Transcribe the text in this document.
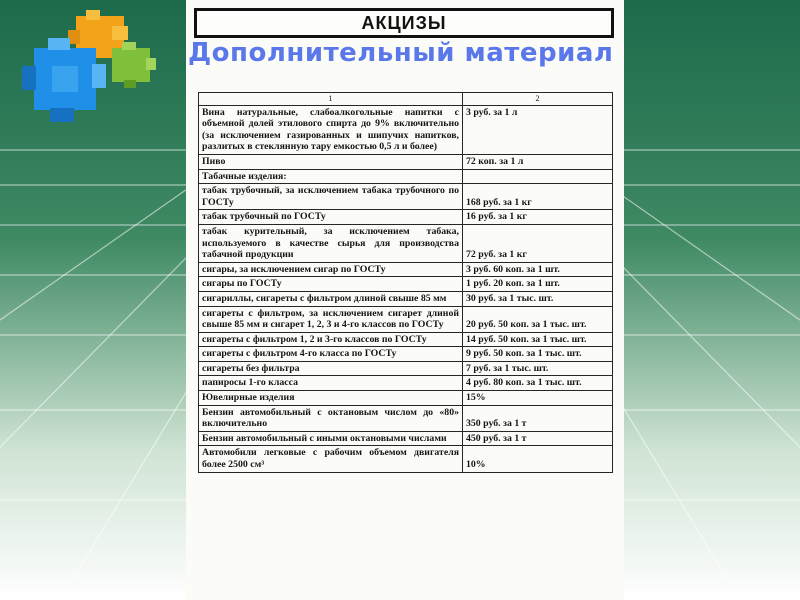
АКЦИЗЫ
1	2
Вина натуральные, слабоалкогольные напитки с объемной долей этилового спирта до 9% включительно (за исключением газированных и шипучих напитков, разлитых в стеклянную тару емкостью 0,5 л и более)	3 руб. за 1 л
Пиво	72 коп. за 1 л
Табачные изделия:	
табак трубочный, за исключением табака трубочного по ГОСТу	168 руб. за 1 кг
табак трубочный по ГОСТу	16 руб. за 1 кг
табак курительный, за исключением табака, используемого в качестве сырья для производства табачной продукции	72 руб. за 1 кг
сигары, за исключением сигар по ГОСТу	3 руб. 60 коп. за 1 шт.
сигары по ГОСТу	1 руб. 20 коп. за 1 шт.
сигариллы, сигареты с фильтром длиной свыше 85 мм	30 руб. за 1 тыс. шт.
сигареты с фильтром, за исключением сигарет длиной свыше 85 мм и сигарет 1, 2, 3 и 4-го классов по ГОСТу	20 руб. 50 коп. за 1 тыс. шт.
сигареты с фильтром 1, 2 и 3-го классов по ГОСТу	14 руб. 50 коп. за 1 тыс. шт.
сигареты с фильтром 4-го класса по ГОСТу	9 руб. 50 коп. за 1 тыс. шт.
сигареты без фильтра	7 руб. за 1 тыс. шт.
папиросы 1-го класса	4 руб. 80 коп. за 1 тыс. шт.
Ювелирные изделия	15%
Бензин автомобильный с октановым числом до «80» включительно	350 руб. за 1 т
Бензин автомобильный с иными октановыми числами	450 руб. за 1 т
Автомобили легковые с рабочим объемом двигателя более 2500 см³	10%
Дополнительный материал
